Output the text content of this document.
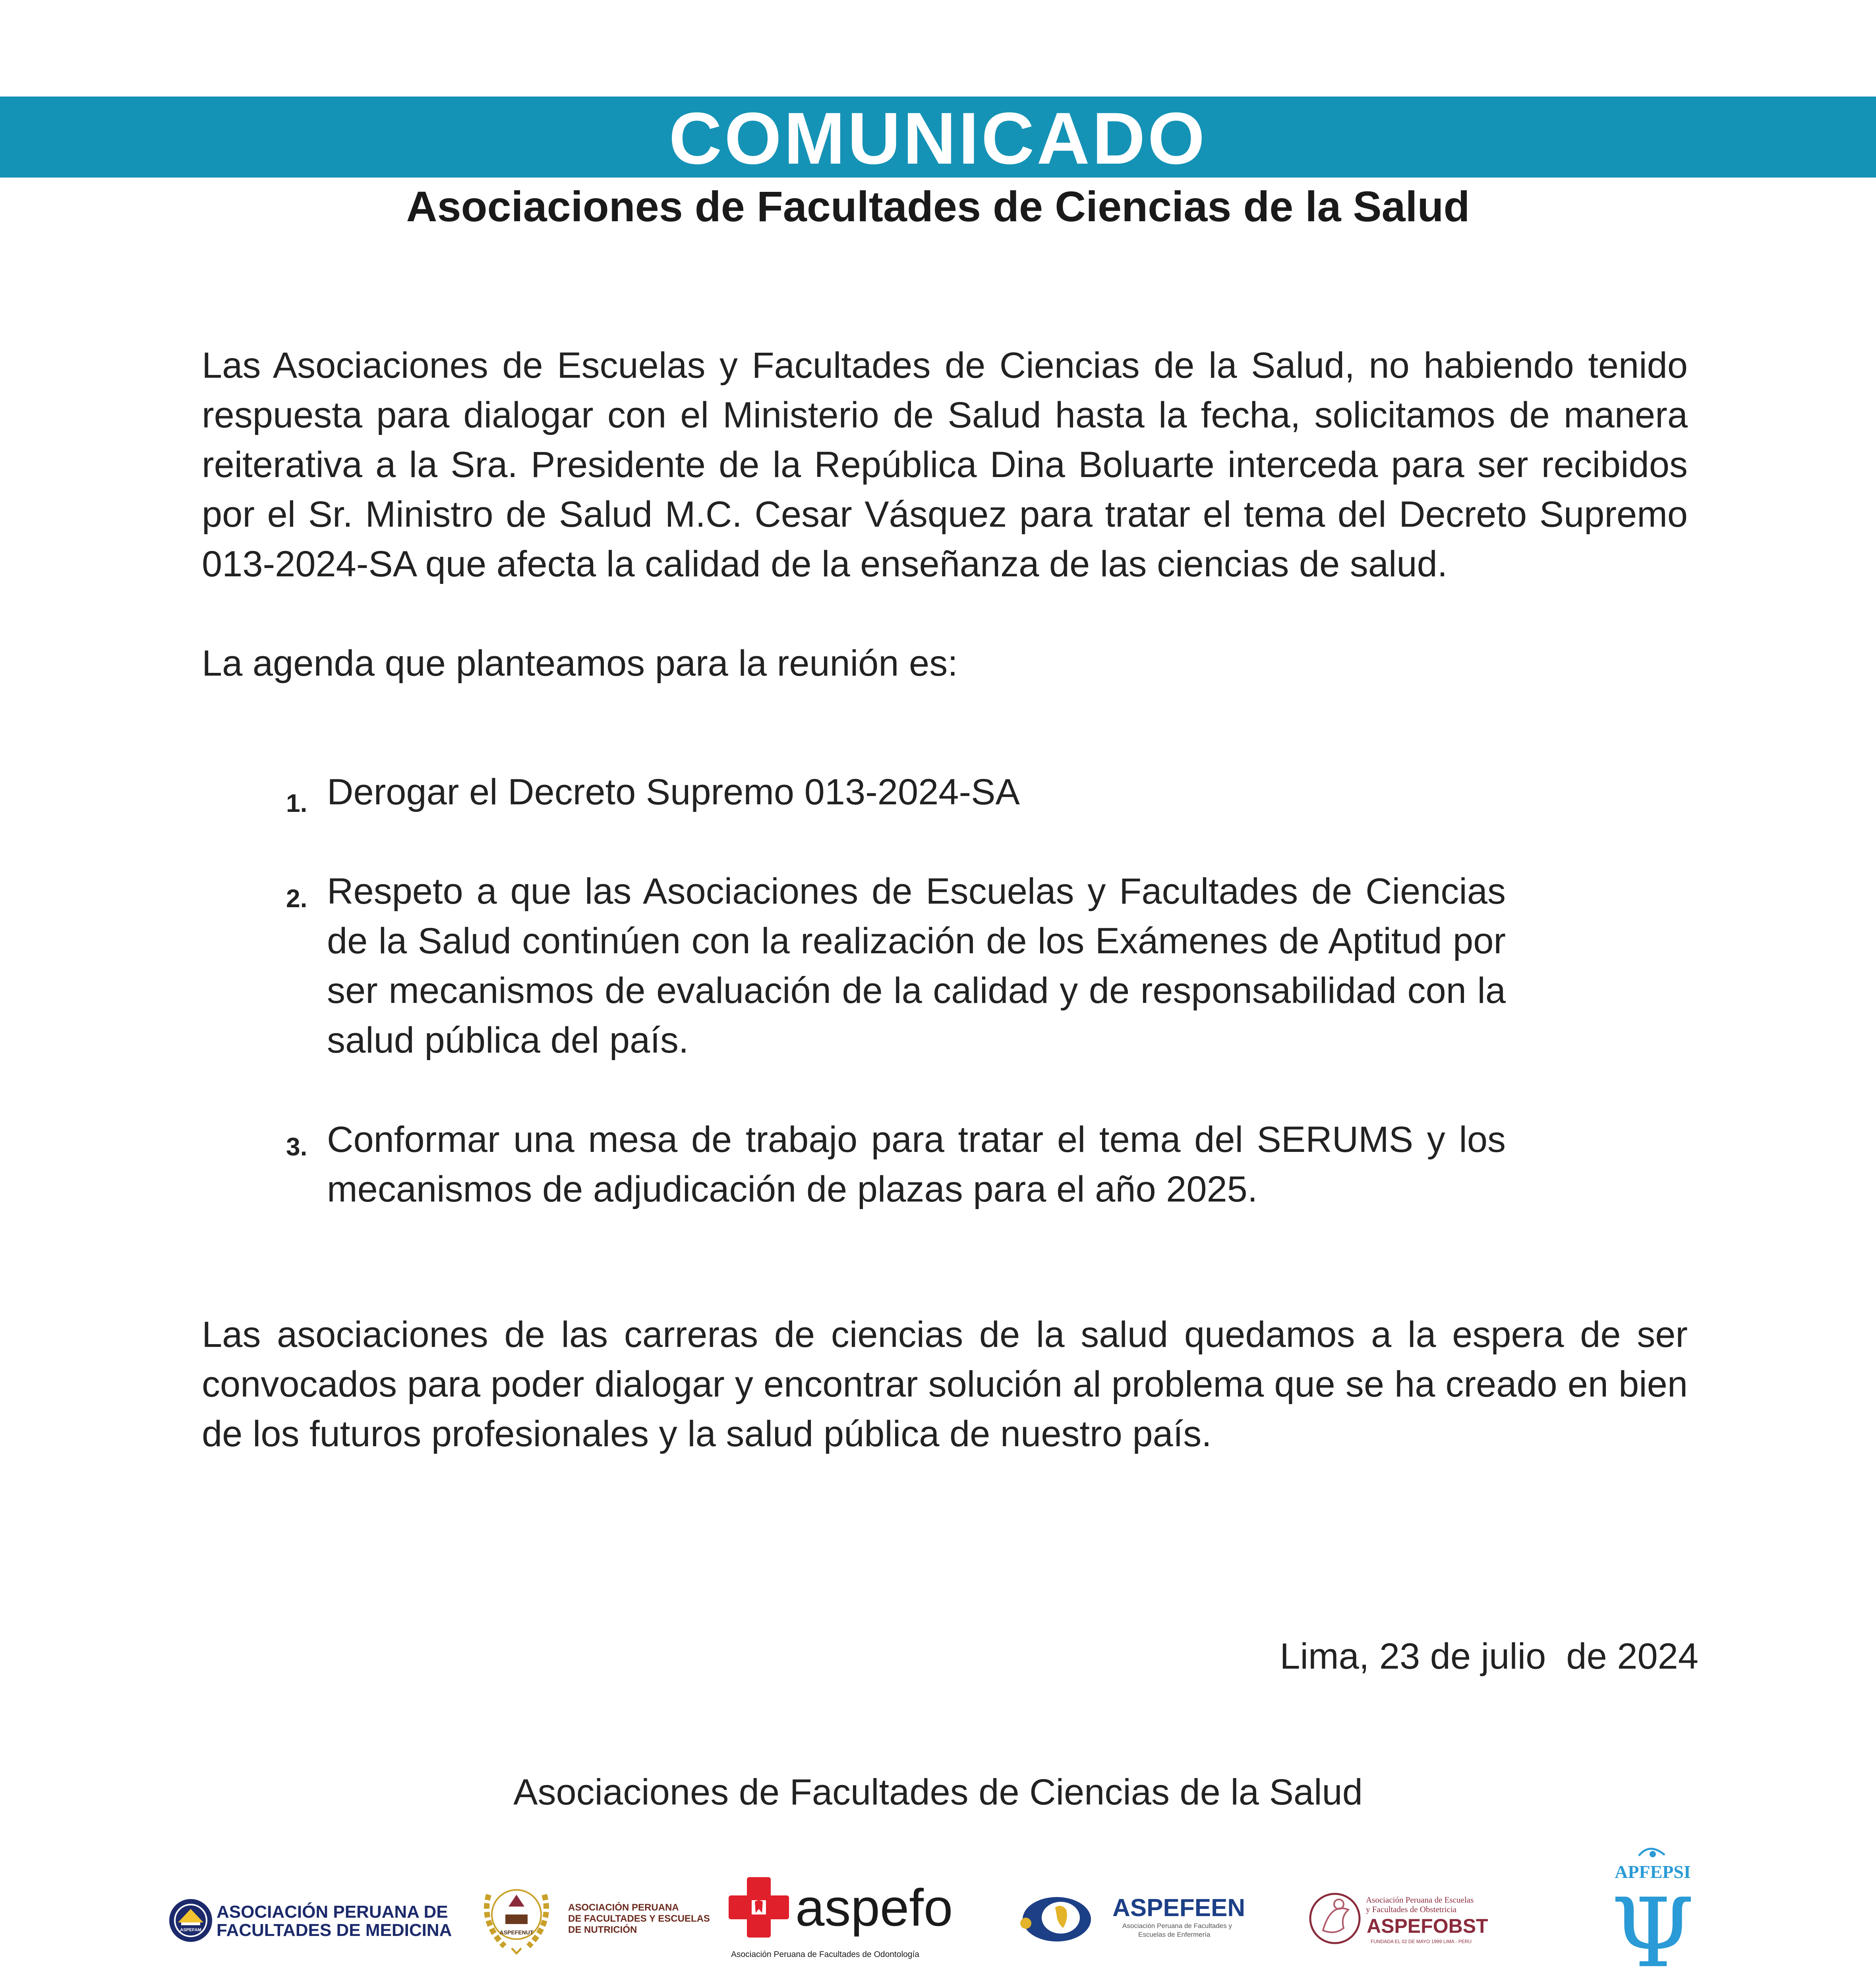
COMUNICADO
Asociaciones de Facultades de Ciencias de la Salud

Las Asociaciones de Escuelas y Facultades de Ciencias de la Salud, no habiendo tenido respuesta para dialogar con el Ministerio de Salud hasta la fecha, solicitamos de manera reiterativa a la Sra. Presidente de la República Dina Boluarte interceda para ser recibidos por el Sr. Ministro de Salud M.C. Cesar Vásquez para tratar el tema del Decreto Supremo 013-2024-SA que afecta la calidad de la enseñanza de las ciencias de salud.

La agenda que planteamos para la reunión es:

1. Derogar el Decreto Supremo 013-2024-SA
2. Respeto a que las Asociaciones de Escuelas y Facultades de Ciencias de la Salud continúen con la realización de los Exámenes de Aptitud por ser mecanismos de evaluación de la calidad y de responsabilidad con la salud pública del país.
3. Conformar una mesa de trabajo para tratar el tema del SERUMS y los mecanismos de adjudicación de plazas para el año 2025.

Las asociaciones de las carreras de ciencias de la salud quedamos a la espera de ser convocados para poder dialogar y encontrar solución al problema que se ha creado en bien de los futuros profesionales y la salud pública de nuestro país.

Lima, 23 de julio  de 2024
Asociaciones de Facultades de Ciencias de la Salud
ASPEFAM
ASOCIACIÓN PERUANA DE
FACULTADES DE MEDICINA	ASPEFENUT
ASOCIACIÓN PERUANA
DE FACULTADES Y ESCUELAS
DE NUTRICIÓN	aspefo
Asociación Peruana de Facultades de Odontología
ASPEFEEN
Asociación Peruana de Facultades y
Escuelas de Enfermería
Asociación Peruana de Escuelas
y Facultades de Obstetricia
ASPEFOBST
FUNDADA EL 02 DE MAYO 1999 LIMA - PERU
APFEPSI
Ψ
